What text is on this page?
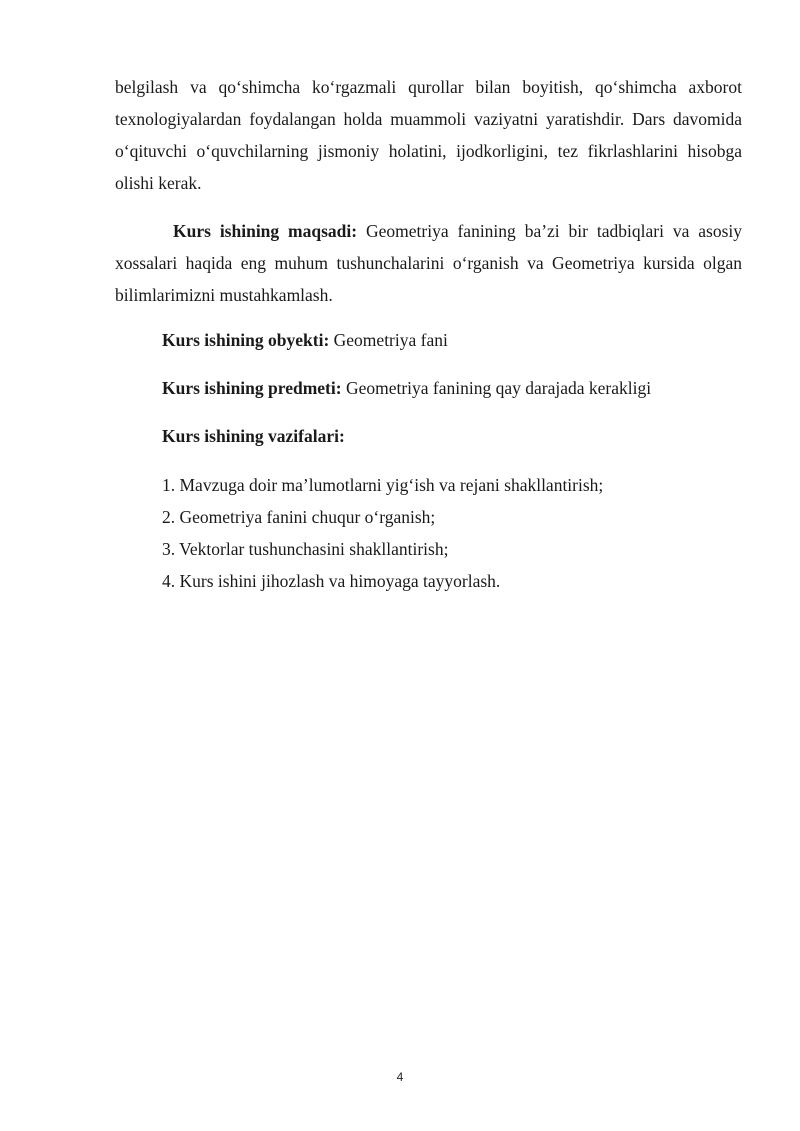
belgilash va qo‘shimcha ko‘rgazmali qurollar bilan boyitish, qo‘shimcha axborot texnologiyalardan foydalangan holda muammoli vaziyatni yaratishdir. Dars davomida o‘qituvchi o‘quvchilarning jismoniy holatini, ijodkorligini, tez fikrlashlarini hisobga olishi kerak.

Kurs ishining maqsadi: Geometriya fanining ba’zi bir tadbiqlari va asosiy xossalari haqida eng muhum tushunchalarini o‘rganish va Geometriya kursida olgan bilimlarimizni mustahkamlash.

Kurs ishining obyekti: Geometriya fani

Kurs ishining predmeti: Geometriya fanining qay darajada kerakligi

Kurs ishining vazifalari:

1. Mavzuga doir ma’lumotlarni yig‘ish va rejani shakllantirish;

2. Geometriya fanini chuqur o‘rganish;

3. Vektorlar tushunchasini shakllantirish;

4. Kurs ishini jihozlash va himoyaga tayyorlash.

4
